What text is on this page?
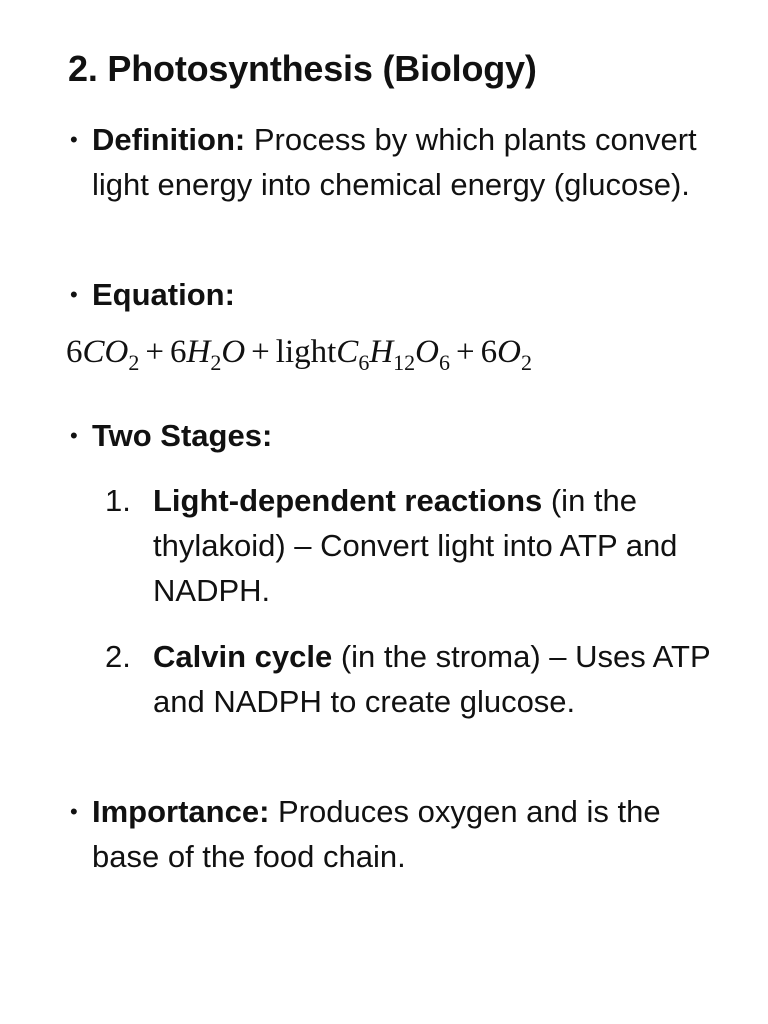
2. Photosynthesis (Biology)
• Definition: Process by which plants convert light energy into chemical energy (glucose).
• Equation:
$6CO_2 + 6H_2O$ + $lightC_6H_{12}O_6 + 6O_2$
• Two Stages:
1. Light-dependent reactions (in the thylakoid) – Convert light into ATP and NADPH.
2. Calvin cycle (in the stroma) – Uses ATP and NADPH to create glucose.
• Importance: Produces oxygen and is the base of the food chain.
